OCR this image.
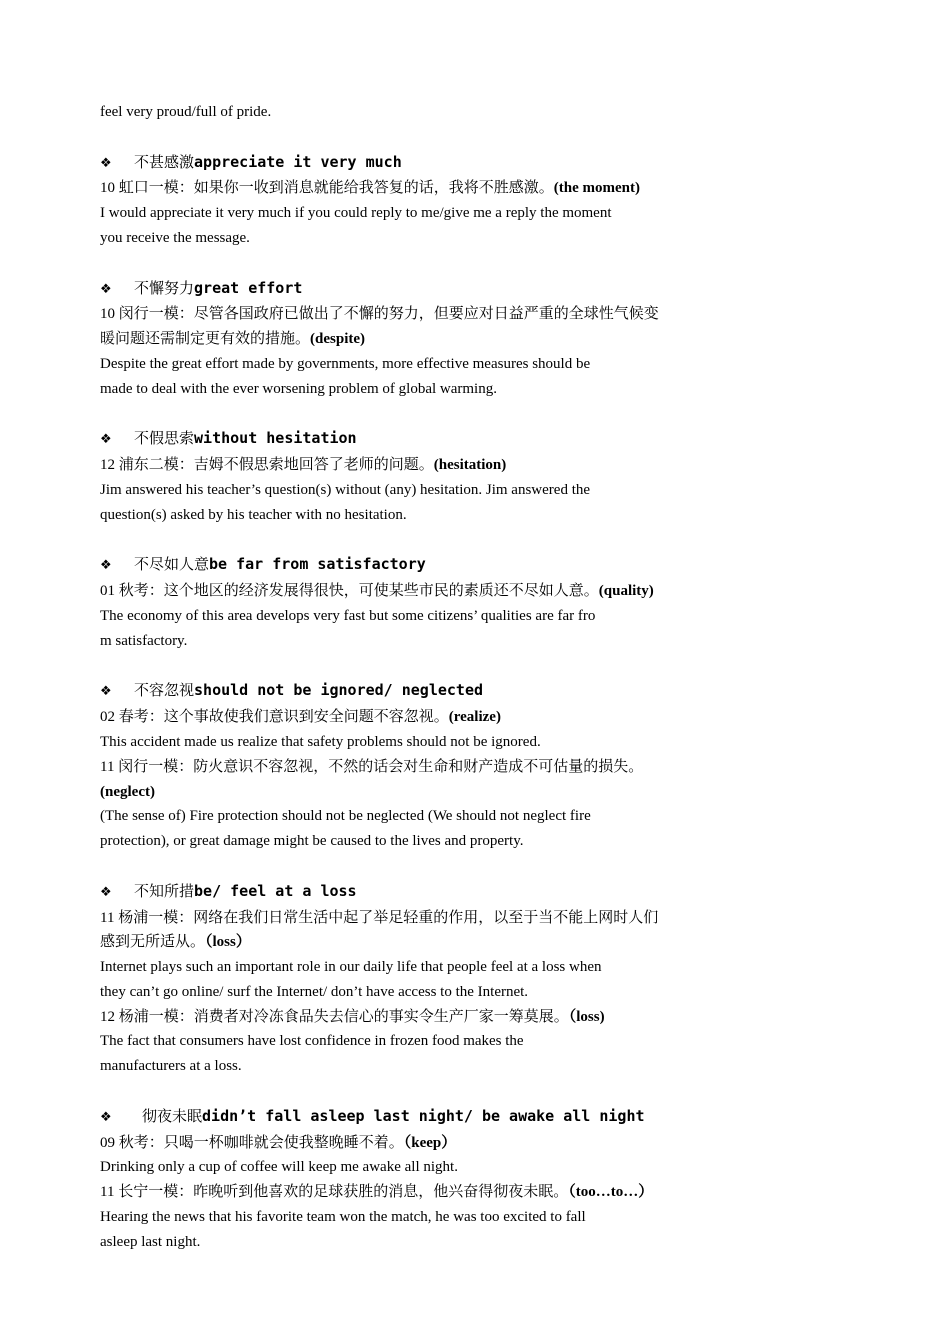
feel very proud/full of pride.
❖ 不甚感激appreciate it very much
10 虹口一模：如果你一收到消息就能给我答复的话，我将不胜感激。(the moment)
I would appreciate it very much if you could reply to me/give me a reply the moment
you receive the message.
❖ 不懈努力great effort
10 闵行一模：尽管各国政府已做出了不懈的努力，但要应对日益严重的全球性气候变
暖问题还需制定更有效的措施。(despite)
Despite the great effort made by governments, more effective measures should be
made to deal with the ever worsening problem of global warming.
❖ 不假思索without hesitation
12 浦东二模：吉姆不假思索地回答了老师的问题。(hesitation)
Jim answered his teacher’s question(s) without (any) hesitation. Jim answered the
question(s) asked by his teacher with no hesitation.
❖ 不尽如人意be far from satisfactory
01 秋考：这个地区的经济发展得很快，可使某些市民的素质还不尽如人意。(quality)
The economy of this area develops very fast but some citizens’ qualities are far fro
m satisfactory.
❖ 不容忽视should not be ignored/ neglected
02 春考：这个事故使我们意识到安全问题不容忽视。(realize)
This accident made us realize that safety problems should not be ignored.
11 闵行一模：防火意识不容忽视，不然的话会对生命和财产造成不可估量的损失。
(neglect)
(The sense of) Fire protection should not be neglected (We should not neglect fire
protection), or great damage might be caused to the lives and property.
❖ 不知所措be/ feel at a loss
11 杨浦一模：网络在我们日常生活中起了举足轻重的作用，以至于当不能上网时人们
感到无所适从。（loss）
Internet plays such an important role in our daily life that people feel at a loss when
they can’t go online/ surf the Internet/ don’t have access to the Internet.
12 杨浦一模：消费者对冷冻食品失去信心的事实令生产厂家一筹莫展。（loss)
The fact that consumers have lost confidence in frozen food makes the
manufacturers at a loss.
❖ 彻夜未眠didn’t fall asleep last night/ be awake all night
09 秋考：只喝一杯咖啡就会使我整晚睡不着。（keep）
Drinking only a cup of coffee will keep me awake all night.
11 长宁一模：昨晚听到他喜欢的足球获胜的消息，他兴奋得彻夜未眠。（too…to…）
Hearing the news that his favorite team won the match, he was too excited to fall
asleep last night.
